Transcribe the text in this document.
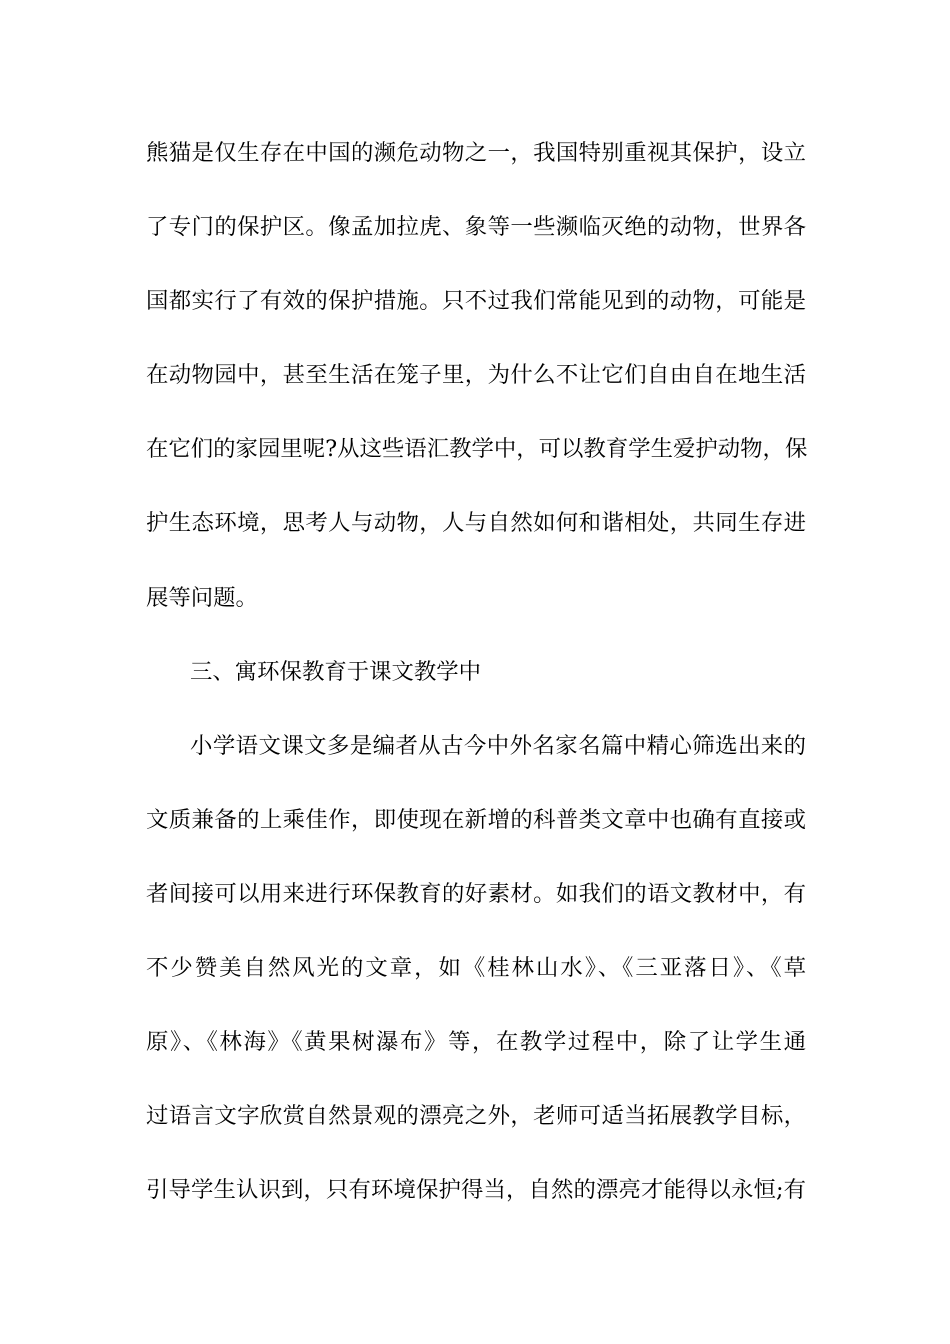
熊猫是仅生存在中国的濒危动物之一，我国特别重视其保护，设立
了专门的保护区。像孟加拉虎、象等一些濒临灭绝的动物，世界各
国都实行了有效的保护措施。只不过我们常能见到的动物，可能是
在动物园中，甚至生活在笼子里，为什么不让它们自由自在地生活
在它们的家园里呢?从这些语汇教学中，可以教育学生爱护动物，保
护生态环境，思考人与动物，人与自然如何和谐相处，共同生存进
展等问题。
三、寓环保教育于课文教学中
小学语文课文多是编者从古今中外名家名篇中精心筛选出来的
文质兼备的上乘佳作，即使现在新增的科普类文章中也确有直接或
者间接可以用来进行环保教育的好素材。如我们的语文教材中，有
不少赞美自然风光的文章，如《桂林山水》、《三亚落日》、《草
原》、《林海》《黄果树瀑布》等，在教学过程中，除了让学生通
过语言文字欣赏自然景观的漂亮之外，老师可适当拓展教学目标，
引导学生认识到，只有环境保护得当，自然的漂亮才能得以永恒;有
